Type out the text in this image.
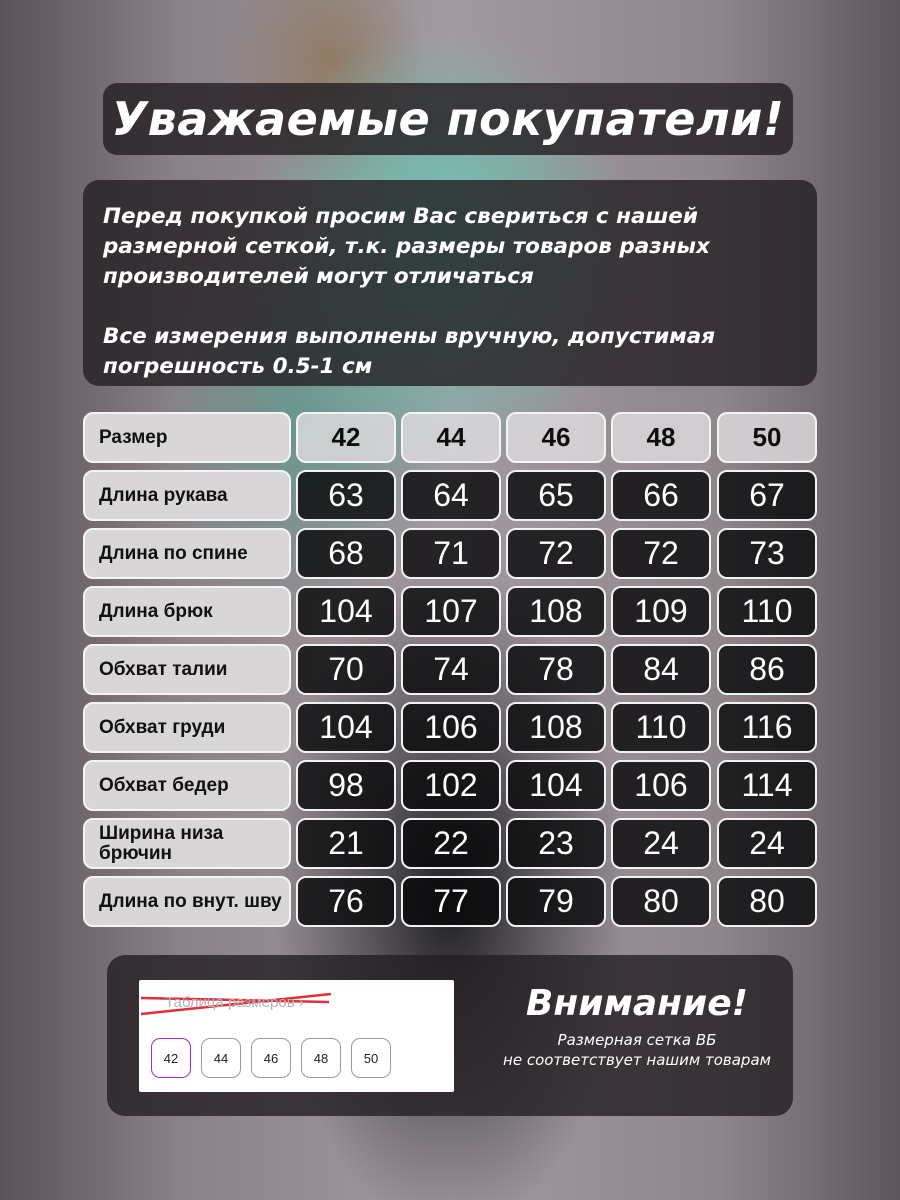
Уважаемые покупатели!

Перед покупкой просим Вас свериться с нашей размерной сеткой, т.к. размеры товаров разных производителей могут отличаться

Все измерения выполнены вручную, допустимая погрешность 0.5-1 см

Размер	42	44	46	48	50
Длина рукава	63	64	65	66	67
Длина по спине	68	71	72	72	73
Длина брюк	104	107	108	109	110
Обхват талии	70	74	78	84	86
Обхват груди	104	106	108	110	116
Обхват бедер	98	102	104	106	114
Ширина низа брючин	21	22	23	24	24
Длина по внут. шву	76	77	79	80	80
Таблица размеров ›
42	44	46	48	50
Внимание!

Размерная сетка ВБ

не соответствует нашим товарам
